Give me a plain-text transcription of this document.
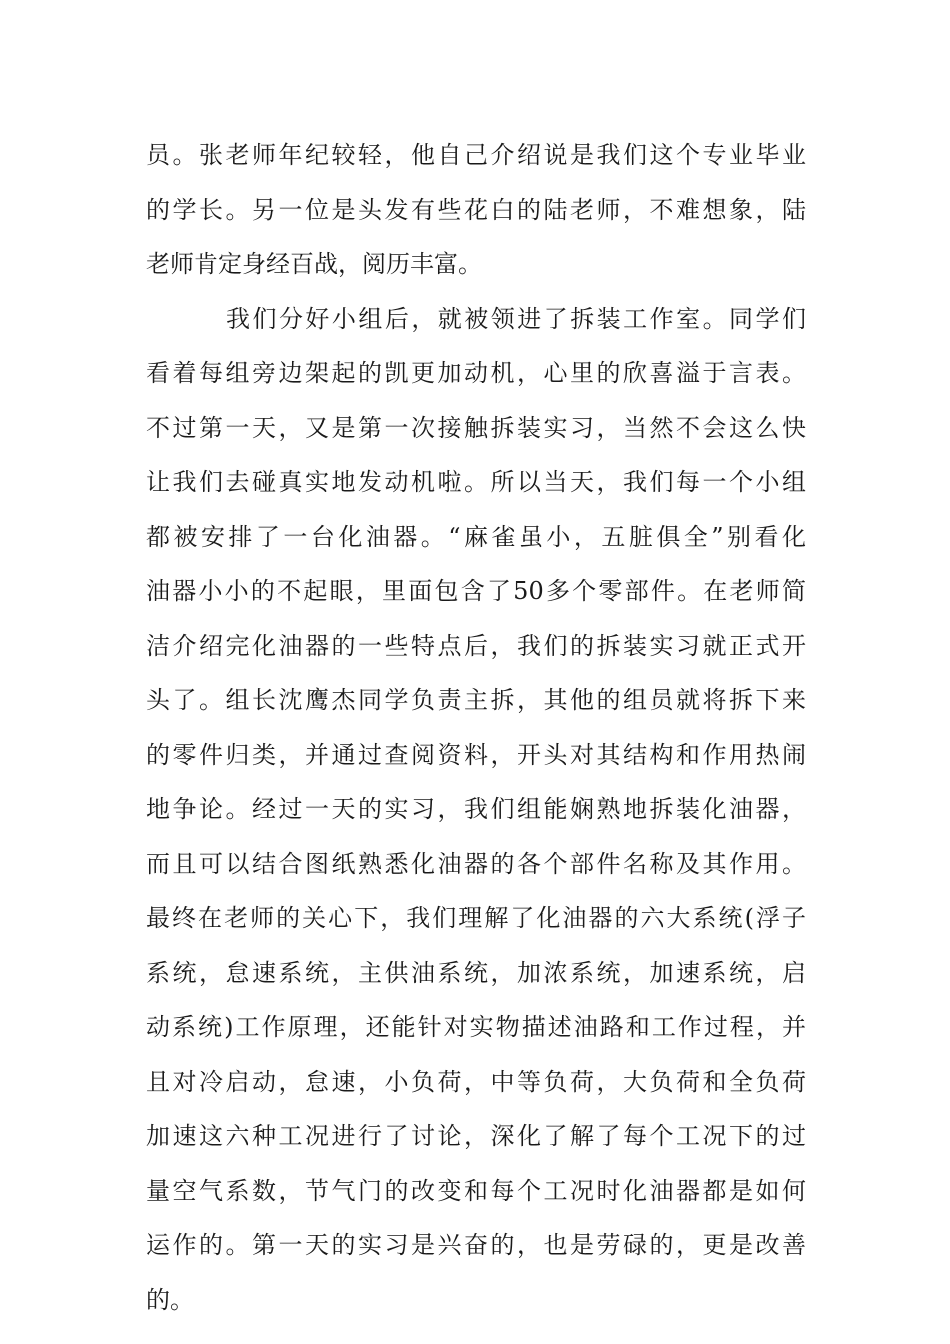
员。张老师年纪较轻，他自己介绍说是我们这个专业毕业
的学长。另一位是头发有些花白的陆老师，不难想象，陆
老师肯定身经百战，阅历丰富。
我们分好小组后，就被领进了拆装工作室。同学们
看着每组旁边架起的凯更加动机，心里的欣喜溢于言表。
不过第一天，又是第一次接触拆装实习，当然不会这么快
让我们去碰真实地发动机啦。所以当天，我们每一个小组
都被安排了一台化油器。“麻雀虽小，五脏俱全”别看化
油器小小的不起眼，里面包含了50多个零部件。在老师简
洁介绍完化油器的一些特点后，我们的拆装实习就正式开
头了。组长沈鹰杰同学负责主拆，其他的组员就将拆下来
的零件归类，并通过查阅资料，开头对其结构和作用热闹
地争论。经过一天的实习，我们组能娴熟地拆装化油器，
而且可以结合图纸熟悉化油器的各个部件名称及其作用。
最终在老师的关心下，我们理解了化油器的六大系统(浮子
系统，怠速系统，主供油系统，加浓系统，加速系统，启
动系统)工作原理，还能针对实物描述油路和工作过程，并
且对冷启动，怠速，小负荷，中等负荷，大负荷和全负荷
加速这六种工况进行了讨论，深化了解了每个工况下的过
量空气系数，节气门的改变和每个工况时化油器都是如何
运作的。第一天的实习是兴奋的，也是劳碌的，更是改善
的。
